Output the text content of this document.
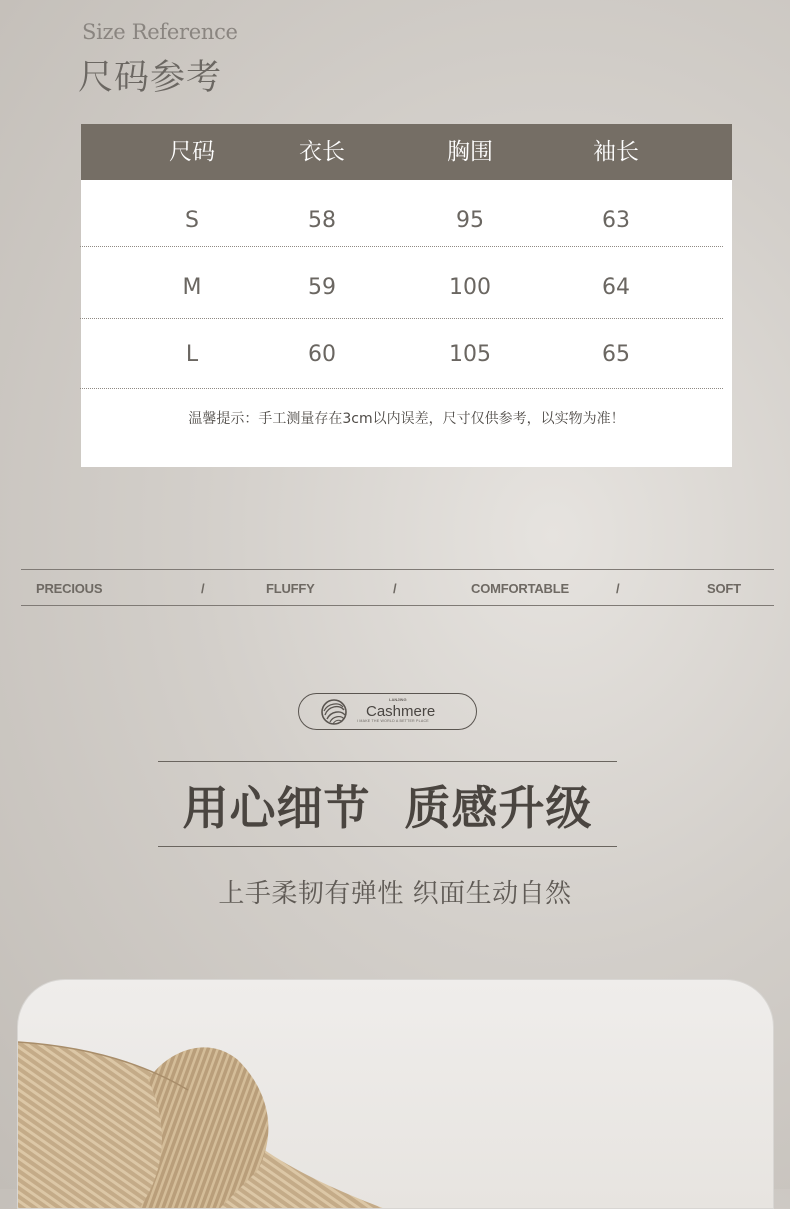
Size Reference
尺码参考
尺码	衣长	胸围	袖长
S	58	95	63
M	59	100	64
L	60	105	65
温馨提示：手工测量存在3cm以内误差，尺寸仅供参考，以实物为准！
PRECIOUS	/	FLUFFY	/	COMFORTABLE	/	SOFT
LANJING
Cashmere
I MAKE THE WORLD A BETTER PLACE
用心细节  质感升级
上手柔韧有弹性 织面生动自然
